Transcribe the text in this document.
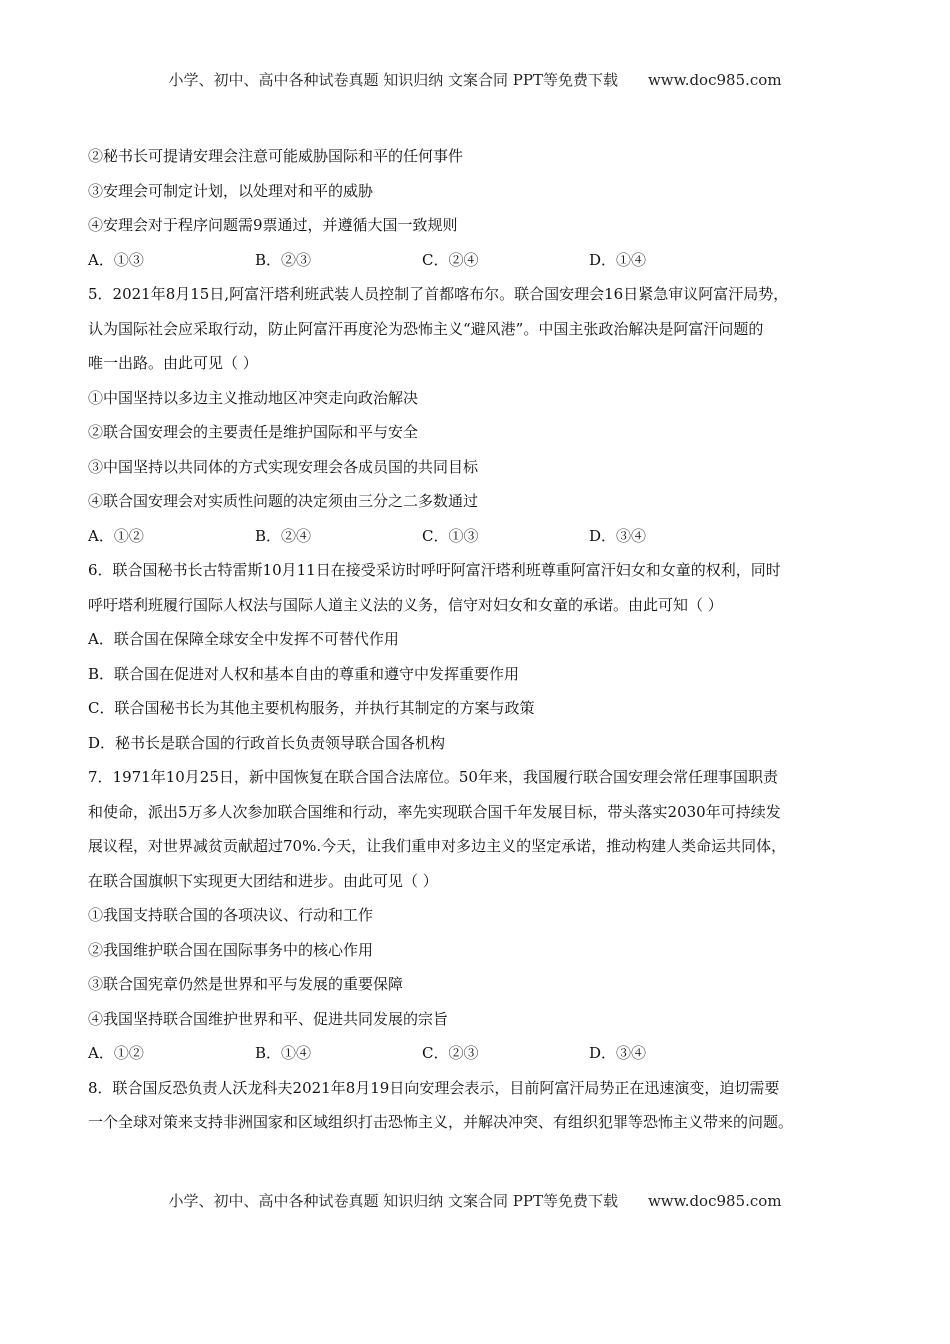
小学、初中、高中各种试卷真题 知识归纳 文案合同 PPT等免费下载 www.doc985.com
②秘书长可提请安理会注意可能威胁国际和平的任何事件
③安理会可制定计划，以处理对和平的威胁
④安理会对于程序问题需9票通过，并遵循大国一致规则
A．①③	B．②③	C．②④	D．①④
5．2021年8月15日,阿富汗塔利班武装人员控制了首都喀布尔。联合国安理会16日紧急审议阿富汗局势，
认为国际社会应采取行动，防止阿富汗再度沦为恐怖主义“避风港”。中国主张政治解决是阿富汗问题的
唯一出路。由此可见（ ）
①中国坚持以多边主义推动地区冲突走向政治解决
②联合国安理会的主要责任是维护国际和平与安全
③中国坚持以共同体的方式实现安理会各成员国的共同目标
④联合国安理会对实质性问题的决定须由三分之二多数通过
A．①②	B．②④	C．①③	D．③④
6．联合国秘书长古特雷斯10月11日在接受采访时呼吁阿富汗塔利班尊重阿富汗妇女和女童的权利，同时
呼吁塔利班履行国际人权法与国际人道主义法的义务，信守对妇女和女童的承诺。由此可知（ ）
A．联合国在保障全球安全中发挥不可替代作用
B．联合国在促进对人权和基本自由的尊重和遵守中发挥重要作用
C．联合国秘书长为其他主要机构服务，并执行其制定的方案与政策
D．秘书长是联合国的行政首长负责领导联合国各机构
7．1971年10月25日，新中国恢复在联合国合法席位。50年来，我国履行联合国安理会常任理事国职责
和使命，派出5万多人次参加联合国维和行动，率先实现联合国千年发展目标，带头落实2030年可持续发
展议程，对世界减贫贡献超过70%.今天，让我们重申对多边主义的坚定承诺，推动构建人类命运共同体，
在联合国旗帜下实现更大团结和进步。由此可见（ ）
①我国支持联合国的各项决议、行动和工作
②我国维护联合国在国际事务中的核心作用
③联合国宪章仍然是世界和平与发展的重要保障
④我国坚持联合国维护世界和平、促进共同发展的宗旨
A．①②	B．①④	C．②③	D．③④
8．联合国反恐负责人沃龙科夫2021年8月19日向安理会表示，目前阿富汗局势正在迅速演变，迫切需要
一个全球对策来支持非洲国家和区域组织打击恐怖主义，并解决冲突、有组织犯罪等恐怖主义带来的问题。
小学、初中、高中各种试卷真题 知识归纳 文案合同 PPT等免费下载 www.doc985.com
